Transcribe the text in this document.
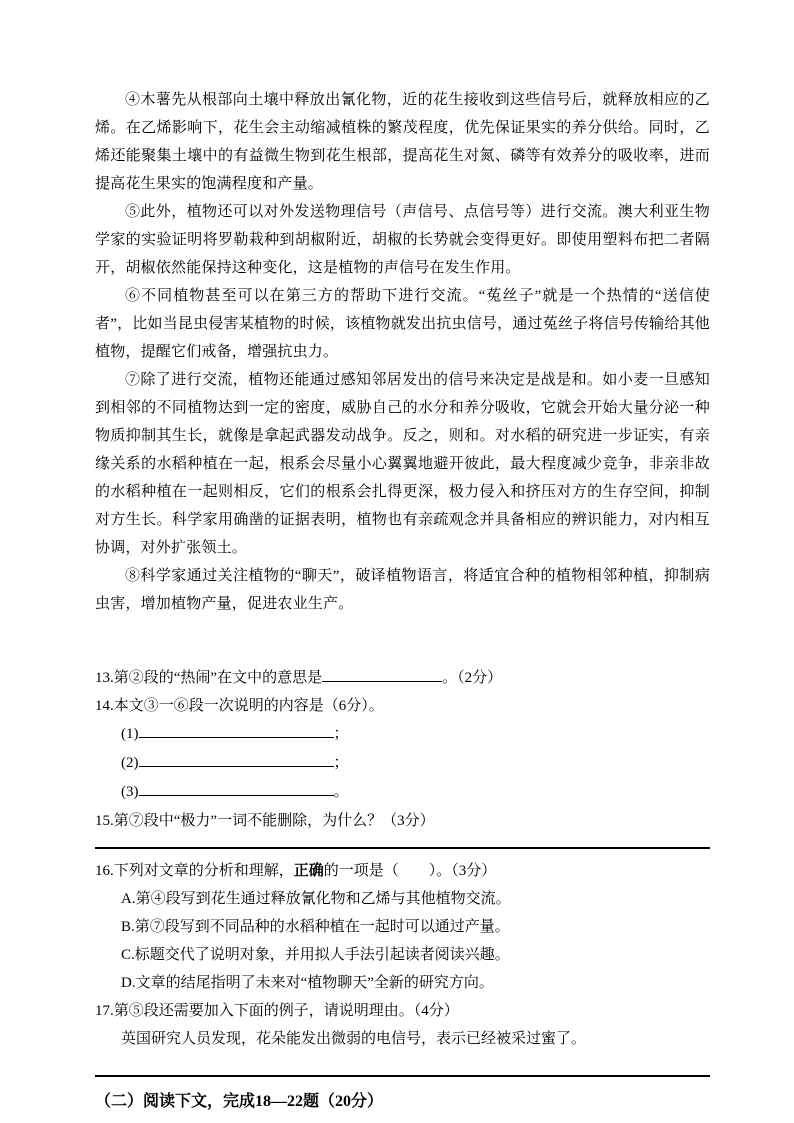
④木薯先从根部向土壤中释放出氰化物，近的花生接收到这些信号后，就释放相应的乙烯。在乙烯影响下，花生会主动缩减植株的繁茂程度，优先保证果实的养分供给。同时，乙烯还能聚集土壤中的有益微生物到花生根部，提高花生对氮、磷等有效养分的吸收率，进而提高花生果实的饱满程度和产量。

⑤此外，植物还可以对外发送物理信号（声信号、点信号等）进行交流。澳大利亚生物学家的实验证明将罗勒栽种到胡椒附近，胡椒的长势就会变得更好。即使用塑料布把二者隔开，胡椒依然能保持这种变化，这是植物的声信号在发生作用。

⑥不同植物甚至可以在第三方的帮助下进行交流。“菟丝子”就是一个热情的“送信使者”，比如当昆虫侵害某植物的时候，该植物就发出抗虫信号，通过菟丝子将信号传输给其他植物，提醒它们戒备，增强抗虫力。

⑦除了进行交流，植物还能通过感知邻居发出的信号来决定是战是和。如小麦一旦感知到相邻的不同植物达到一定的密度，威胁自己的水分和养分吸收，它就会开始大量分泌一种物质抑制其生长，就像是拿起武器发动战争。反之，则和。对水稻的研究进一步证实，有亲缘关系的水稻种植在一起，根系会尽量小心翼翼地避开彼此，最大程度减少竞争，非亲非故的水稻种植在一起则相反，它们的根系会扎得更深，极力侵入和挤压对方的生存空间，抑制对方生长。科学家用确凿的证据表明，植物也有亲疏观念并具备相应的辨识能力，对内相互协调，对外扩张领土。

⑧科学家通过关注植物的“聊天”，破译植物语言，将适宜合种的植物相邻种植，抑制病虫害，增加植物产量，促进农业生产。

13.第②段的“热闹”在文中的意思是	。（2分）

14.本文③一⑥段一次说明的内容是（6分）。

(1)	；

(2)	；

(3)	。

15.第⑦段中“极力”一词不能删除，为什么？（3分）

16.下列对文章的分析和理解，正确的一项是（　　）。（3分）

A.第④段写到花生通过释放氰化物和乙烯与其他植物交流。

B.第⑦段写到不同品种的水稻种植在一起时可以通过产量。

C.标题交代了说明对象，并用拟人手法引起读者阅读兴趣。

D.文章的结尾指明了未来对“植物聊天”全新的研究方向。

17.第⑤段还需要加入下面的例子，请说明理由。（4分）

英国研究人员发现，花朵能发出微弱的电信号，表示已经被采过蜜了。

（二）阅读下文，完成18—22题（20分）
